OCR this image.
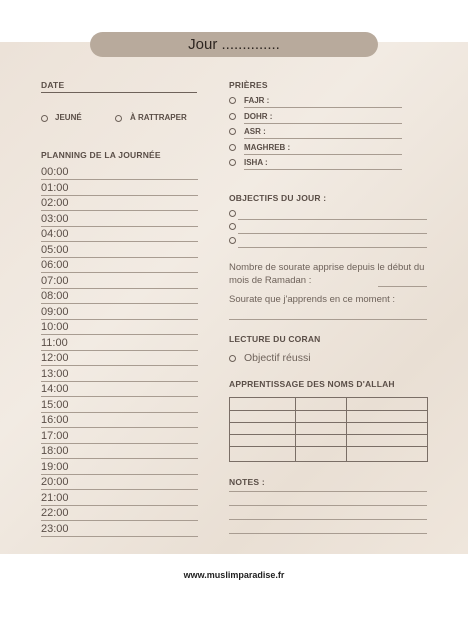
Jour ..............
DATE
JEUNÉ	À RATTRAPER
PLANNING DE LA JOURNÉE
00:00
01:00
02:00
03:00
04:00
05:00
06:00
07:00
08:00
09:00
10:00
11:00
12:00
13:00
14:00
15:00
16:00
17:00
18:00
19:00
20:00
21:00
22:00
23:00
PRIÈRES
FAJR :
DOHR :
ASR :
MAGHREB :
ISHA :
OBJECTIFS DU JOUR :
Nombre de sourate apprise depuis le début du mois de Ramadan :
Sourate que j'apprends en ce moment :
LECTURE DU CORAN
Objectif réussi
APPRENTISSAGE DES NOMS D'ALLAH
NOTES :
www.muslimparadise.fr
